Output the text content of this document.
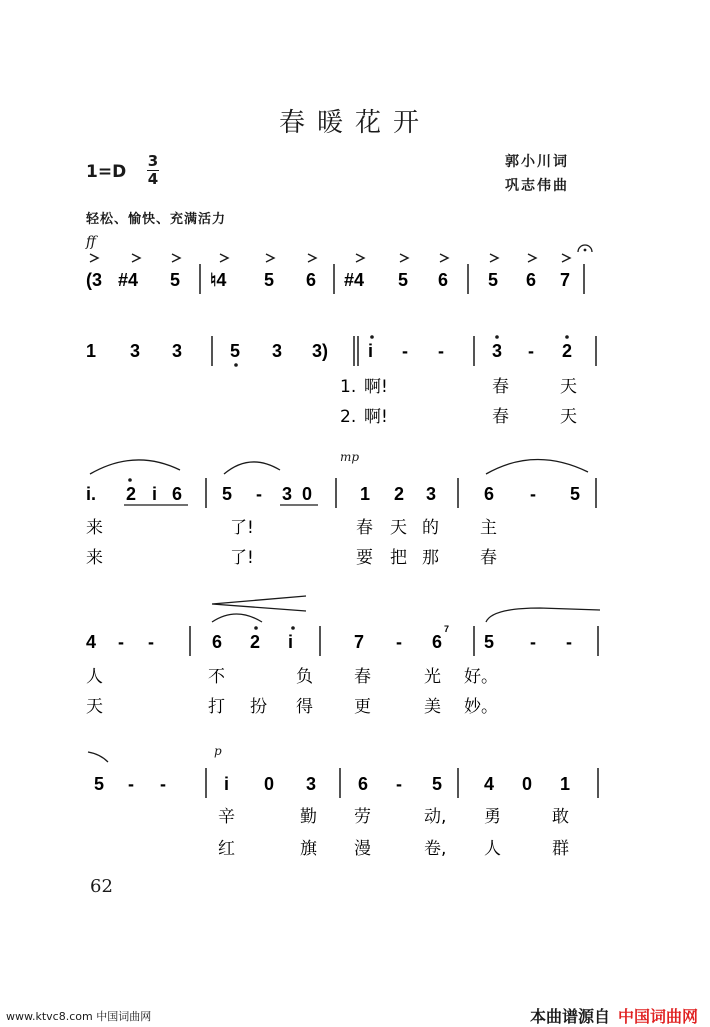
春暖花开
1=D
3
4
郭小川词
巩志伟曲
轻松、愉快、充满活力
ff
mp
p
(3 #4 5 ♮4 5 6 #4 5 6 5 6 7
1 3 3	5 3 3) i - -	3 - 2
1. 啊!	春	天
2. 啊!	春	天
i. 2 i 6 5 - 3 0	1 2 3	6 - 5
来	了!	春 天 的 主
来	了!	要 把 那 春
4 - -	6 2 i	7 - 6 5 - -
7
人	不	负 春	光 好。
天	打 扮 得 更	美 妙。
5 - -	i 0 3 6 - 5 4 0 1
辛	勤 劳	动, 勇	敢
红	旗 漫	卷, 人	群
62
www.ktvc8.com 中国词曲网	本曲谱源自 中国词曲网
